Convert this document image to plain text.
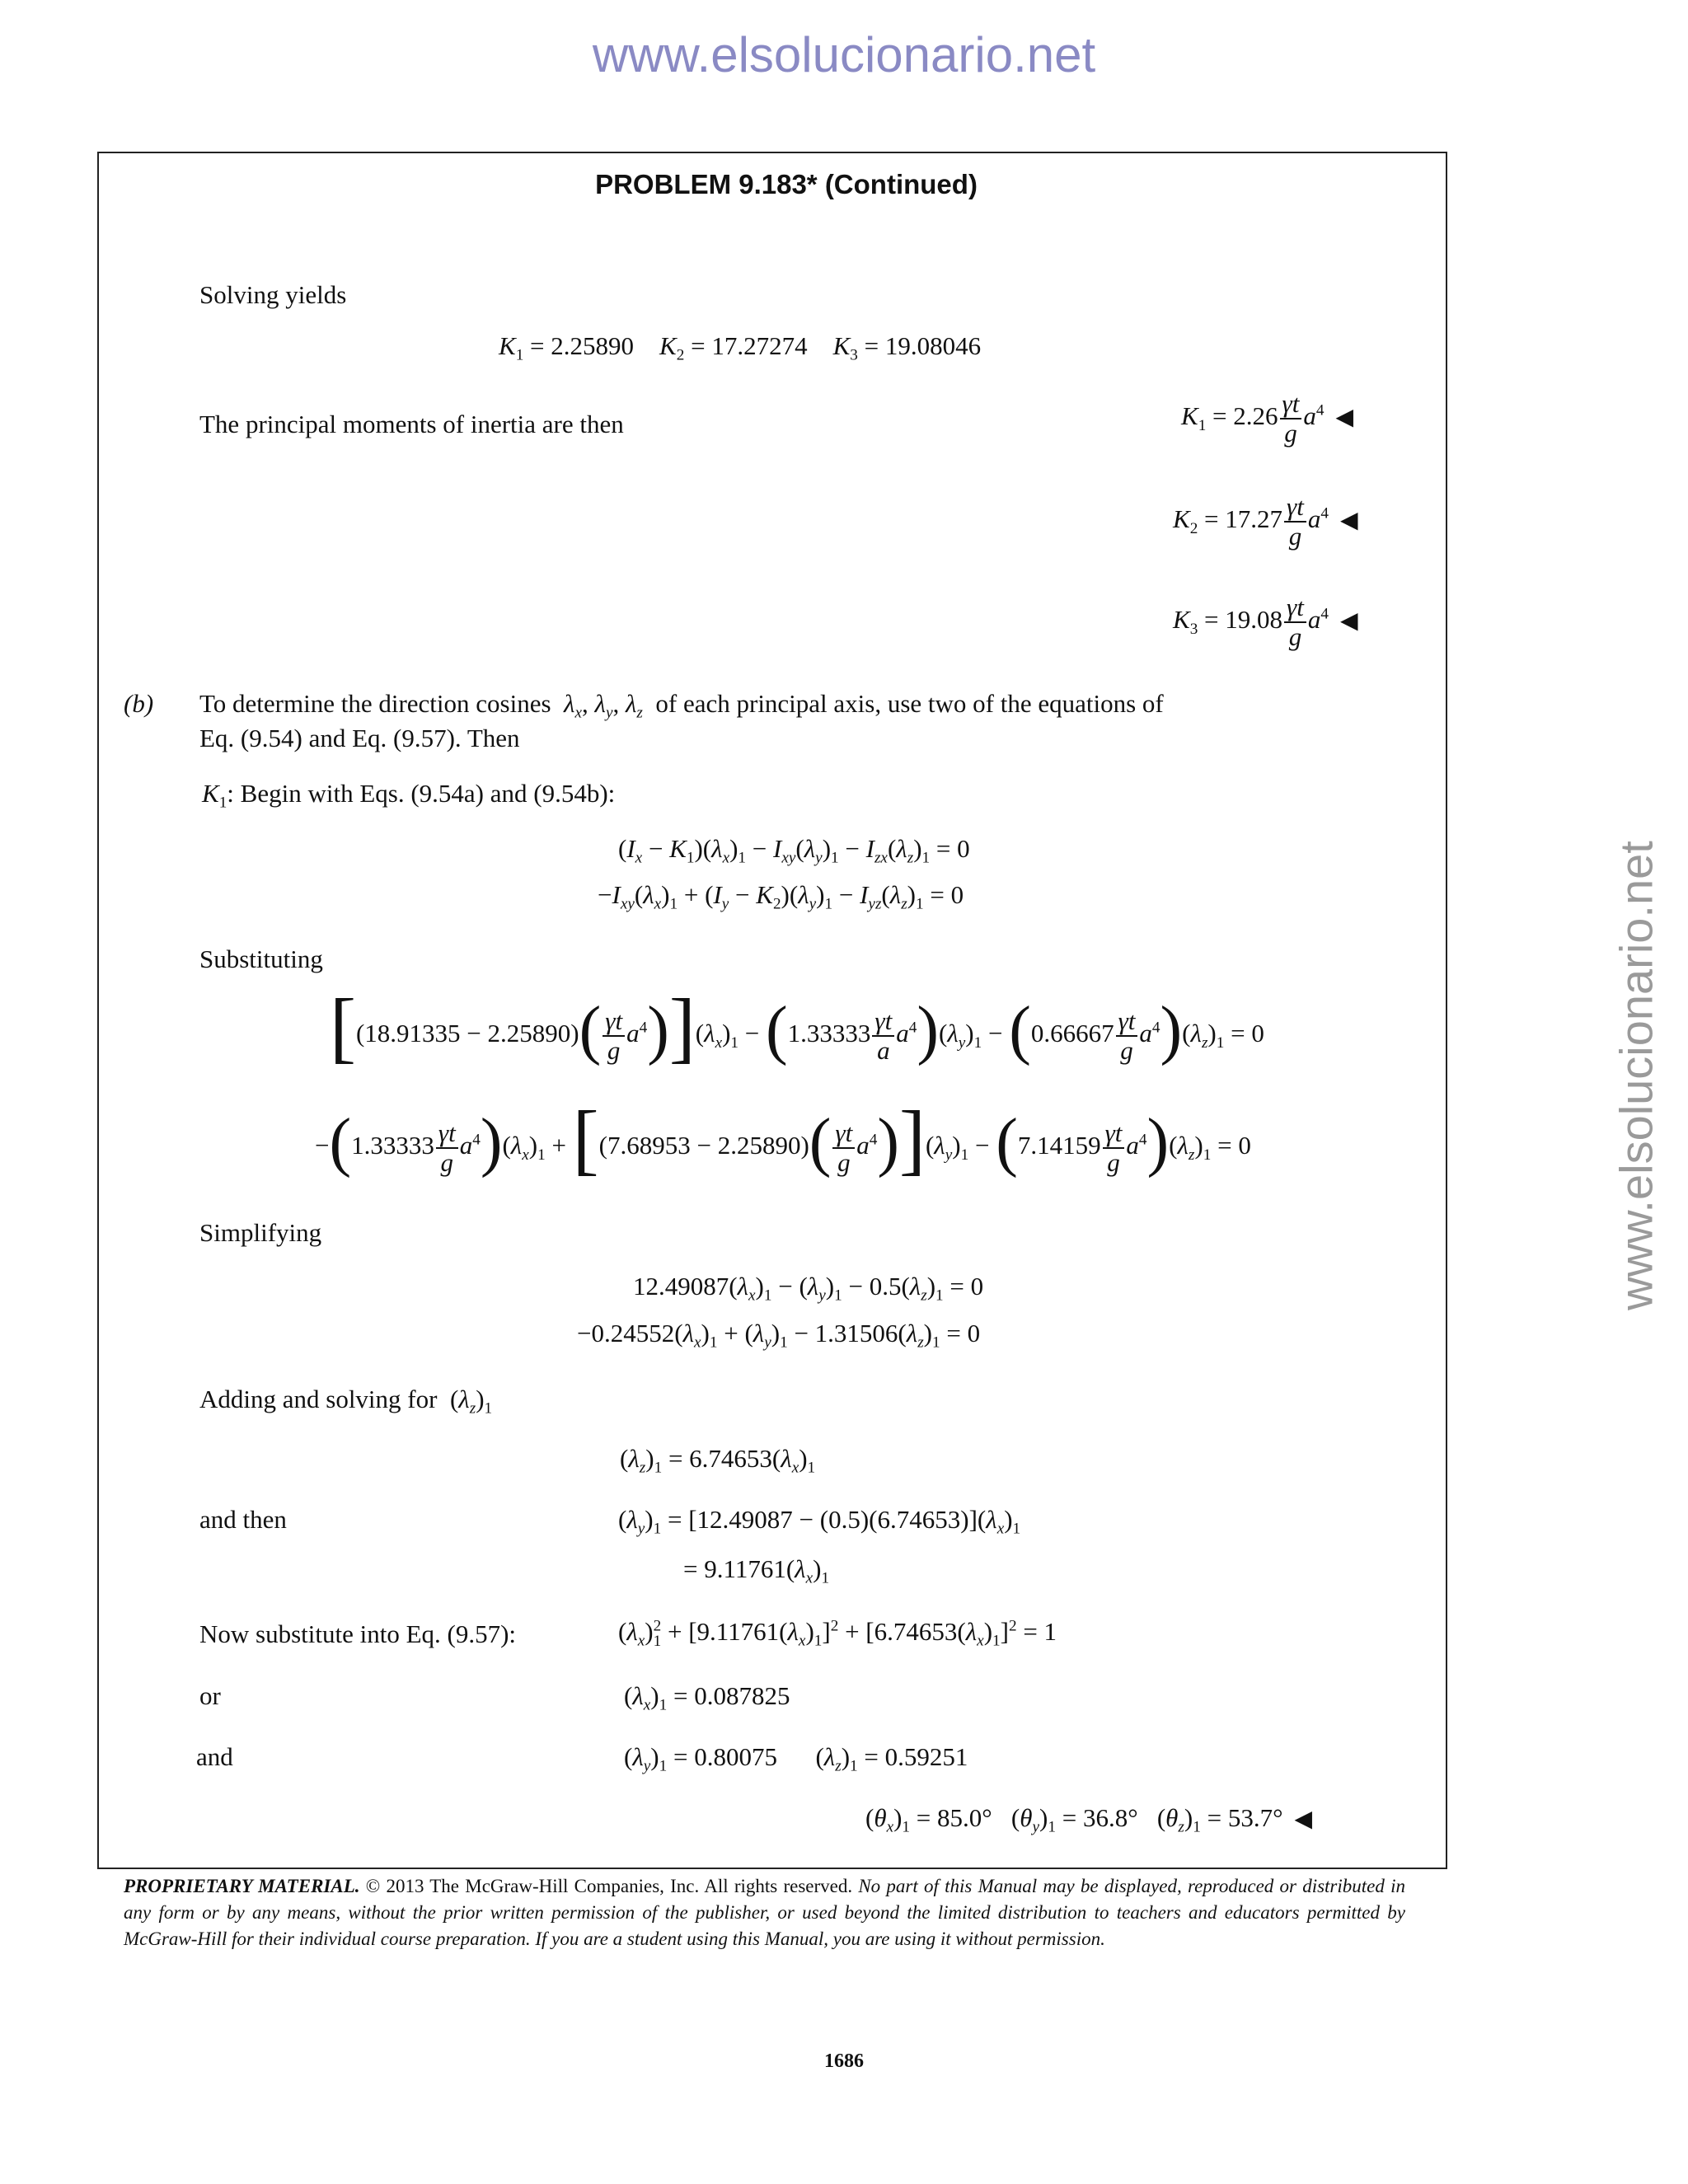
www.elsolucionario.net
www.elsolucionario.net
PROBLEM 9.183* (Continued)
Solving yields
$K_1 = 2.25890$ $K_2 = 17.27274$ $K_3 = 19.08046$
The principal moments of inertia are then	$K_1 = 2.26 \frac{\gamma t}{g} a^4$ ◀
$K_2 = 17.27 \frac{\gamma t}{g} a^4$ ◀
$K_3 = 19.08 \frac{\gamma t}{g} a^4$ ◀
(b) To determine the direction cosines $\lambda_x$, $\lambda_y$, $\lambda_z$ of each principal axis, use two of the equations of
Eq. (9.54) and Eq. (9.57). Then
$K_1$: Begin with Eqs. (9.54a) and (9.54b):
$(I_x - K_1)(\lambda_x)_1 - I_{xy}(\lambda_y)_1 - I_{zx}(\lambda_z)_1 = 0$
$-I_{xy}(\lambda_x)_1 + (I_y - K_2)(\lambda_y)_1 - I_{yz}(\lambda_z)_1 = 0$
Substituting
$[(18.91335 - 2.25890)( \frac{\gamma t}{g} a^4)](\lambda_x)_1 - (1.33333 \frac{\gamma t}{a} a^4)(\lambda_y)_1 - (0.66667 \frac{\gamma t}{g} a^4)(\lambda_z)_1 = 0$
$-(1.33333 \frac{\gamma t}{g} a^4)(\lambda_x)_1 + [(7.68953 - 2.25890)( \frac{\gamma t}{g} a^4)](\lambda_y)_1 - (7.14159 \frac{\gamma t}{g} a^4)(\lambda_z)_1 = 0$
Simplifying
$12.49087(\lambda_x)_1 - (\lambda_y)_1 - 0.5(\lambda_z)_1 = 0$
$-0.24552(\lambda_x)_1 + (\lambda_y)_1 - 1.31506(\lambda_z)_1 = 0$
Adding and solving for  $(\lambda_z)_1$
$(\lambda_z)_1 = 6.74653(\lambda_x)_1$
and then	$(\lambda_y)_1 = [12.49087 - (0.5)(6.74653)](\lambda_x)_1$
= $9.11761(\lambda_x)_1$
Now substitute into Eq. (9.57):	$(\lambda_x)^2_1 + [9.11761(\lambda_x)_1]^2 + [6.74653(\lambda_x)_1]^2 = 1$
or	$(\lambda_x)_1 = 0.087825$
and	$(\lambda_y)_1 = 0.80075$      $(\lambda_z)_1 = 0.59251$
$(\theta_x)_1 = 85.0^\circ$   $(\theta_y)_1 = 36.8^\circ$   $(\theta_z)_1 = 53.7^\circ$ ◀
PROPRIETARY MATERIAL. © 2013 The McGraw-Hill Companies, Inc. All rights reserved. No part of this Manual may be displayed, reproduced or distributed in any form or by any means, without the prior written permission of the publisher, or used beyond the limited distribution to teachers and educators permitted by McGraw-Hill for their individual course preparation. If you are a student using this Manual, you are using it without permission.
1686
